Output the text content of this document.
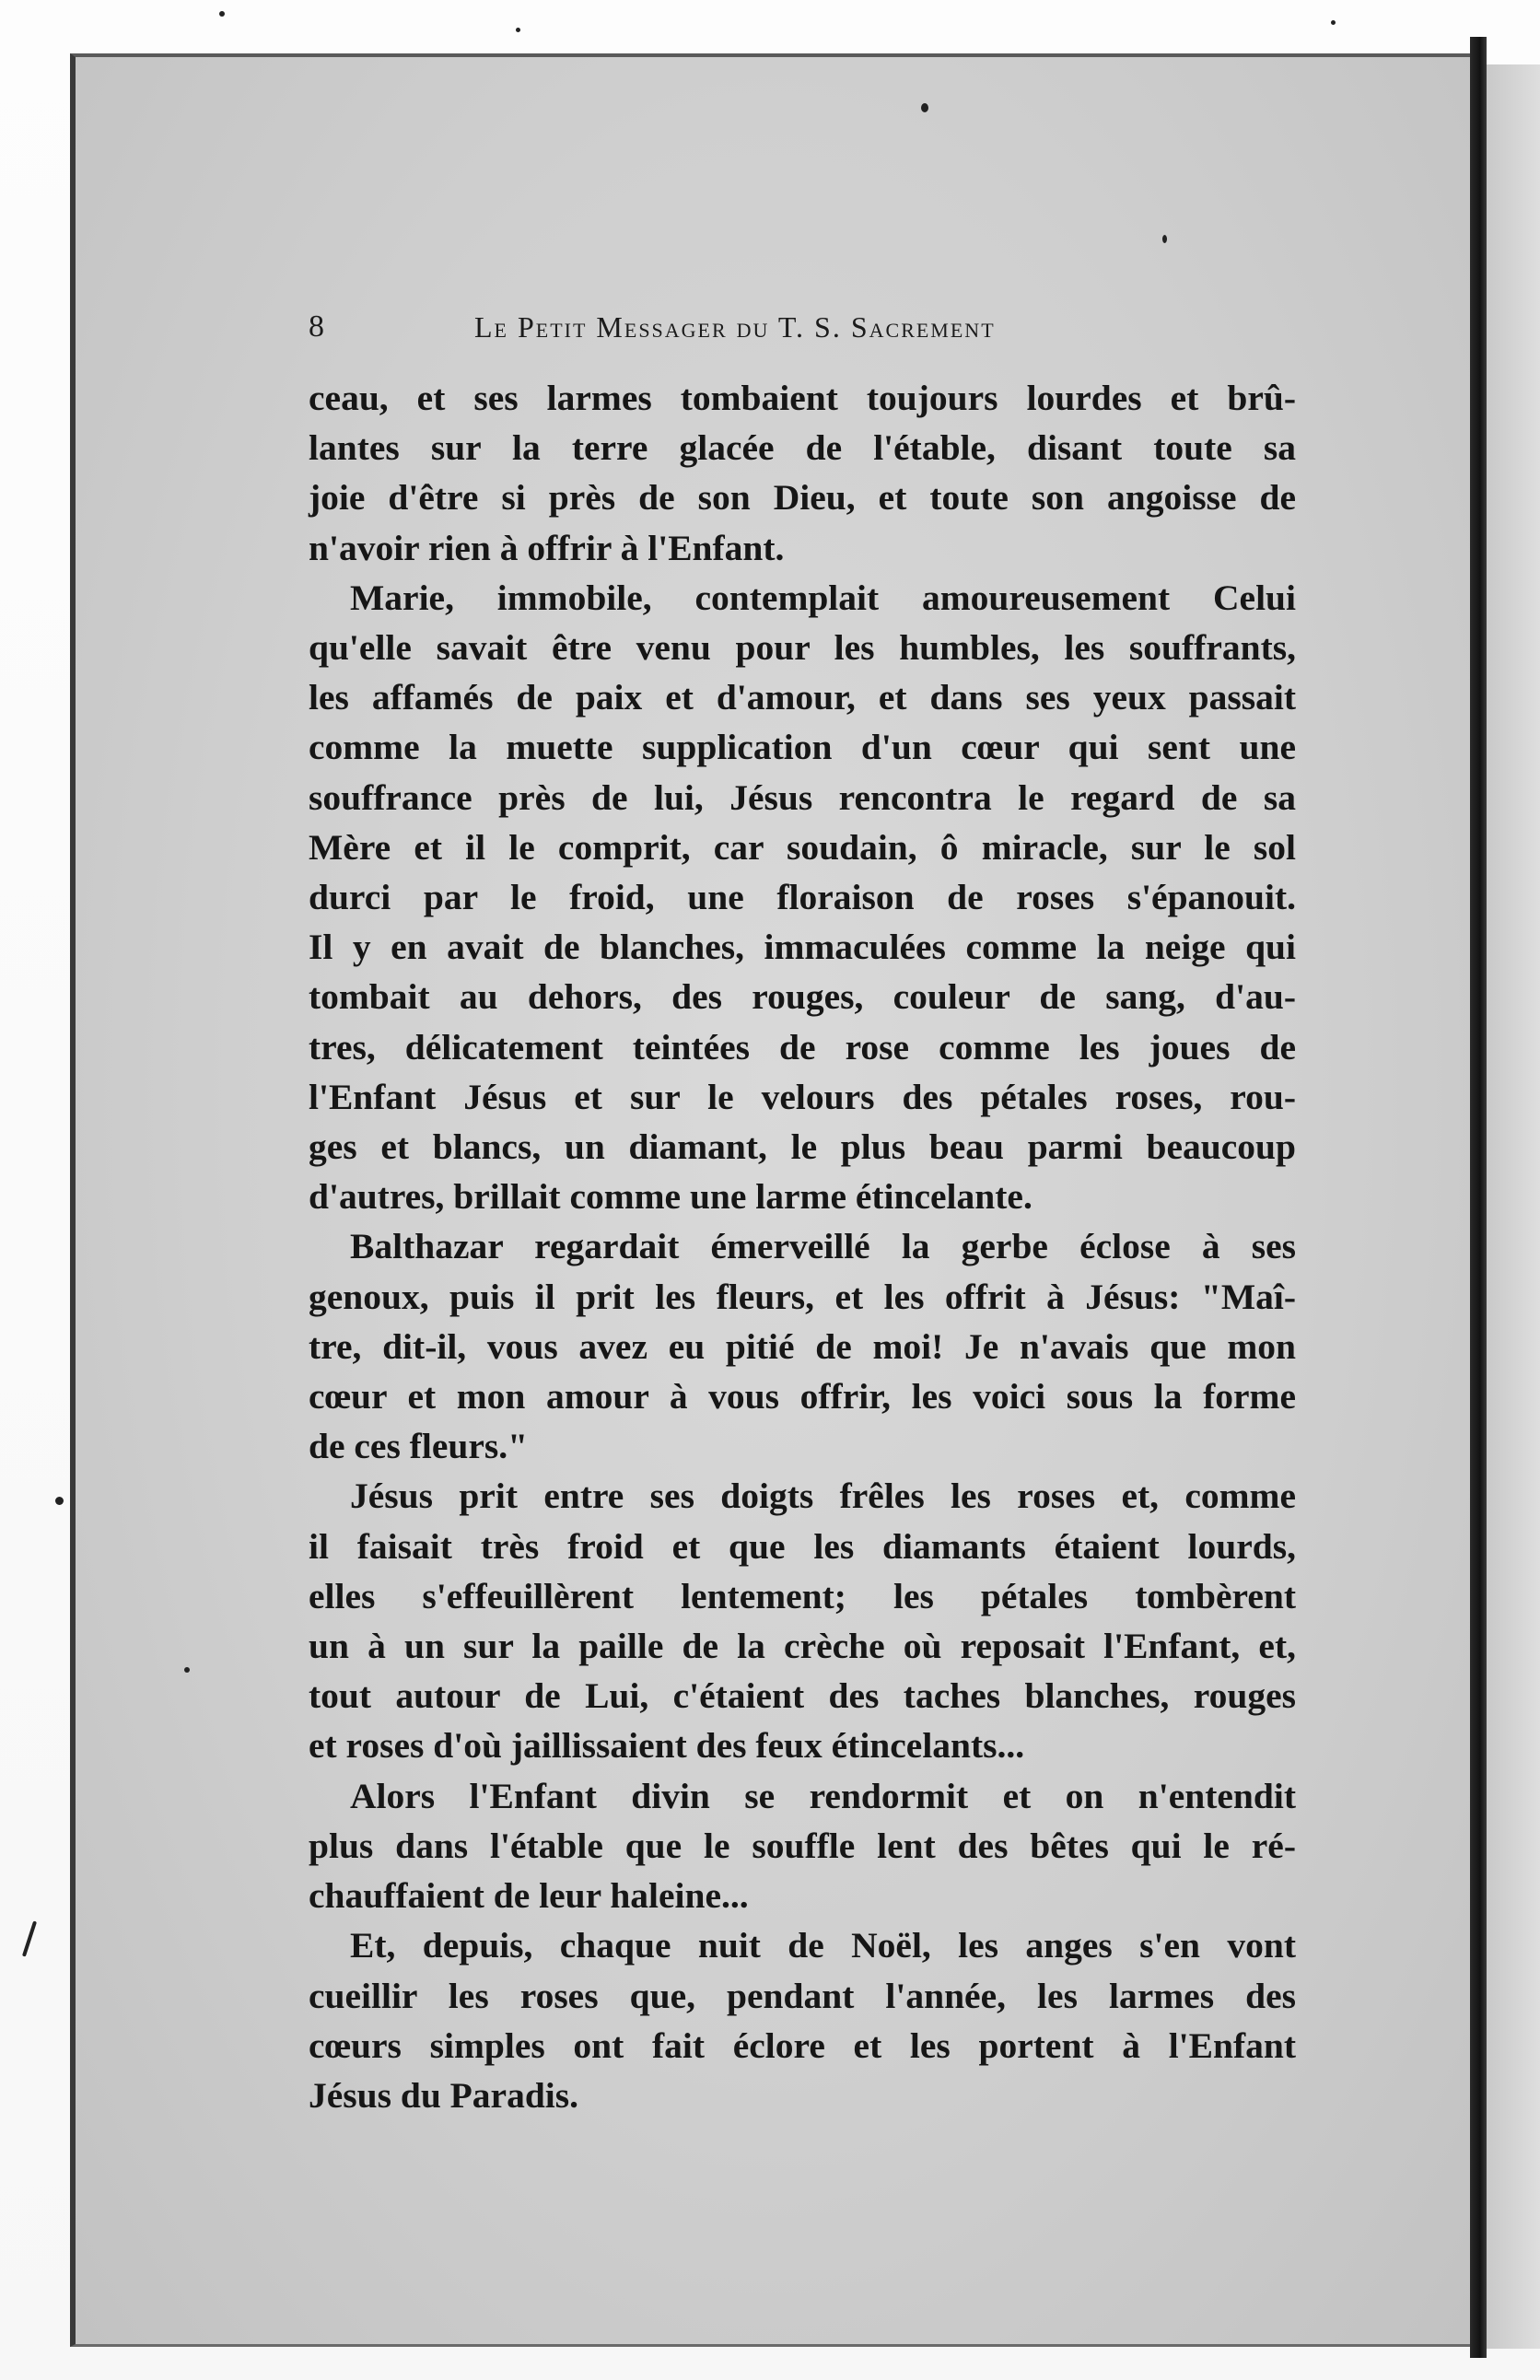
8	Le Petit Messager du T. S. Sacrement

ceau, et ses larmes tombaient toujours lourdes et brû-
lantes sur la terre glacée de l'étable, disant toute sa
joie d'être si près de son Dieu, et toute son angoisse de
n'avoir rien à offrir à l'Enfant.

Marie, immobile, contemplait amoureusement Celui
qu'elle savait être venu pour les humbles, les souffrants,
les affamés de paix et d'amour, et dans ses yeux passait
comme la muette supplication d'un cœur qui sent une
souffrance près de lui, Jésus rencontra le regard de sa
Mère et il le comprit, car soudain, ô miracle, sur le sol
durci par le froid, une floraison de roses s'épanouit.
Il y en avait de blanches, immaculées comme la neige qui
tombait au dehors, des rouges, couleur de sang, d'au-
tres, délicatement teintées de rose comme les joues de
l'Enfant Jésus et sur le velours des pétales roses, rou-
ges et blancs, un diamant, le plus beau parmi beaucoup
d'autres, brillait comme une larme étincelante.

Balthazar regardait émerveillé la gerbe éclose à ses
genoux, puis il prit les fleurs, et les offrit à Jésus: "Maî-
tre, dit-il, vous avez eu pitié de moi! Je n'avais que mon
cœur et mon amour à vous offrir, les voici sous la forme
de ces fleurs."

Jésus prit entre ses doigts frêles les roses et, comme
il faisait très froid et que les diamants étaient lourds,
elles s'effeuillèrent lentement; les pétales tombèrent
un à un sur la paille de la crèche où reposait l'Enfant, et,
tout autour de Lui, c'étaient des taches blanches, rouges
et roses d'où jaillissaient des feux étincelants...

Alors l'Enfant divin se rendormit et on n'entendit
plus dans l'étable que le souffle lent des bêtes qui le ré-
chauffaient de leur haleine...

Et, depuis, chaque nuit de Noël, les anges s'en vont
cueillir les roses que, pendant l'année, les larmes des
cœurs simples ont fait éclore et les portent à l'Enfant
Jésus du Paradis.
